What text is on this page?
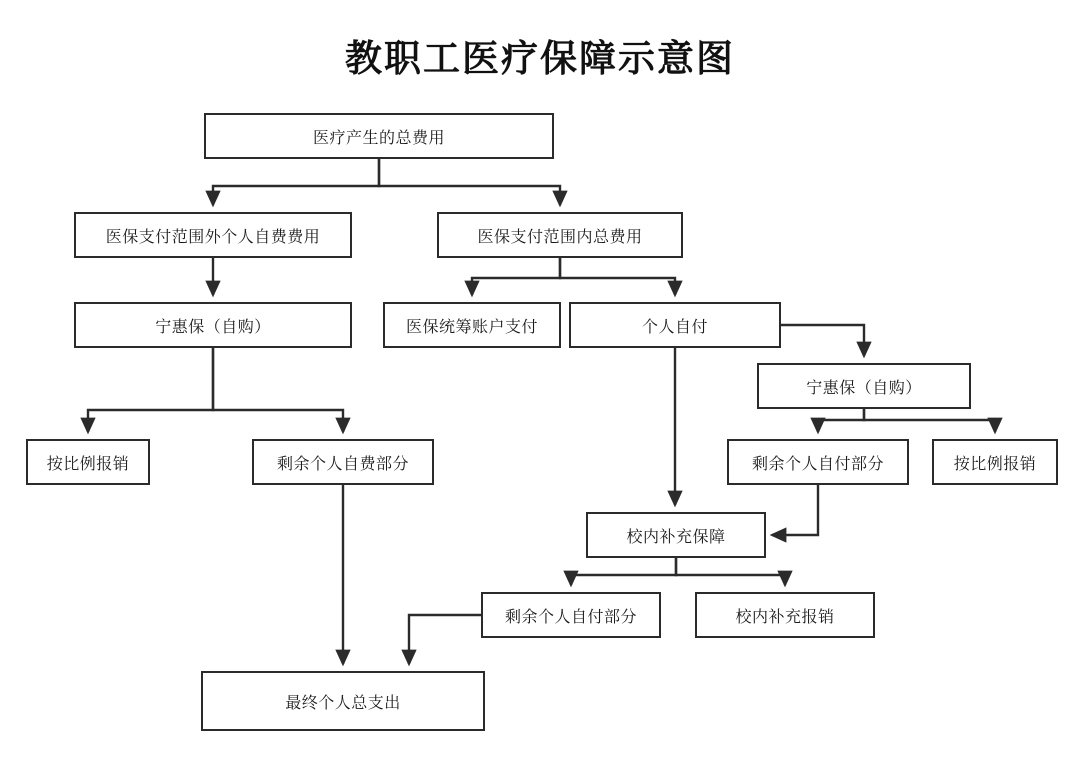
教职工医疗保障示意图
医疗产生的总费用
医保支付范围外个人自费费用	医保支付范围内总费用
宁惠保（自购）	医保统筹账户支付	个人自付
宁惠保（自购）
按比例报销	剩余个人自费部分	剩余个人自付部分	按比例报销
校内补充保障
剩余个人自付部分	校内补充报销
最终个人总支出
